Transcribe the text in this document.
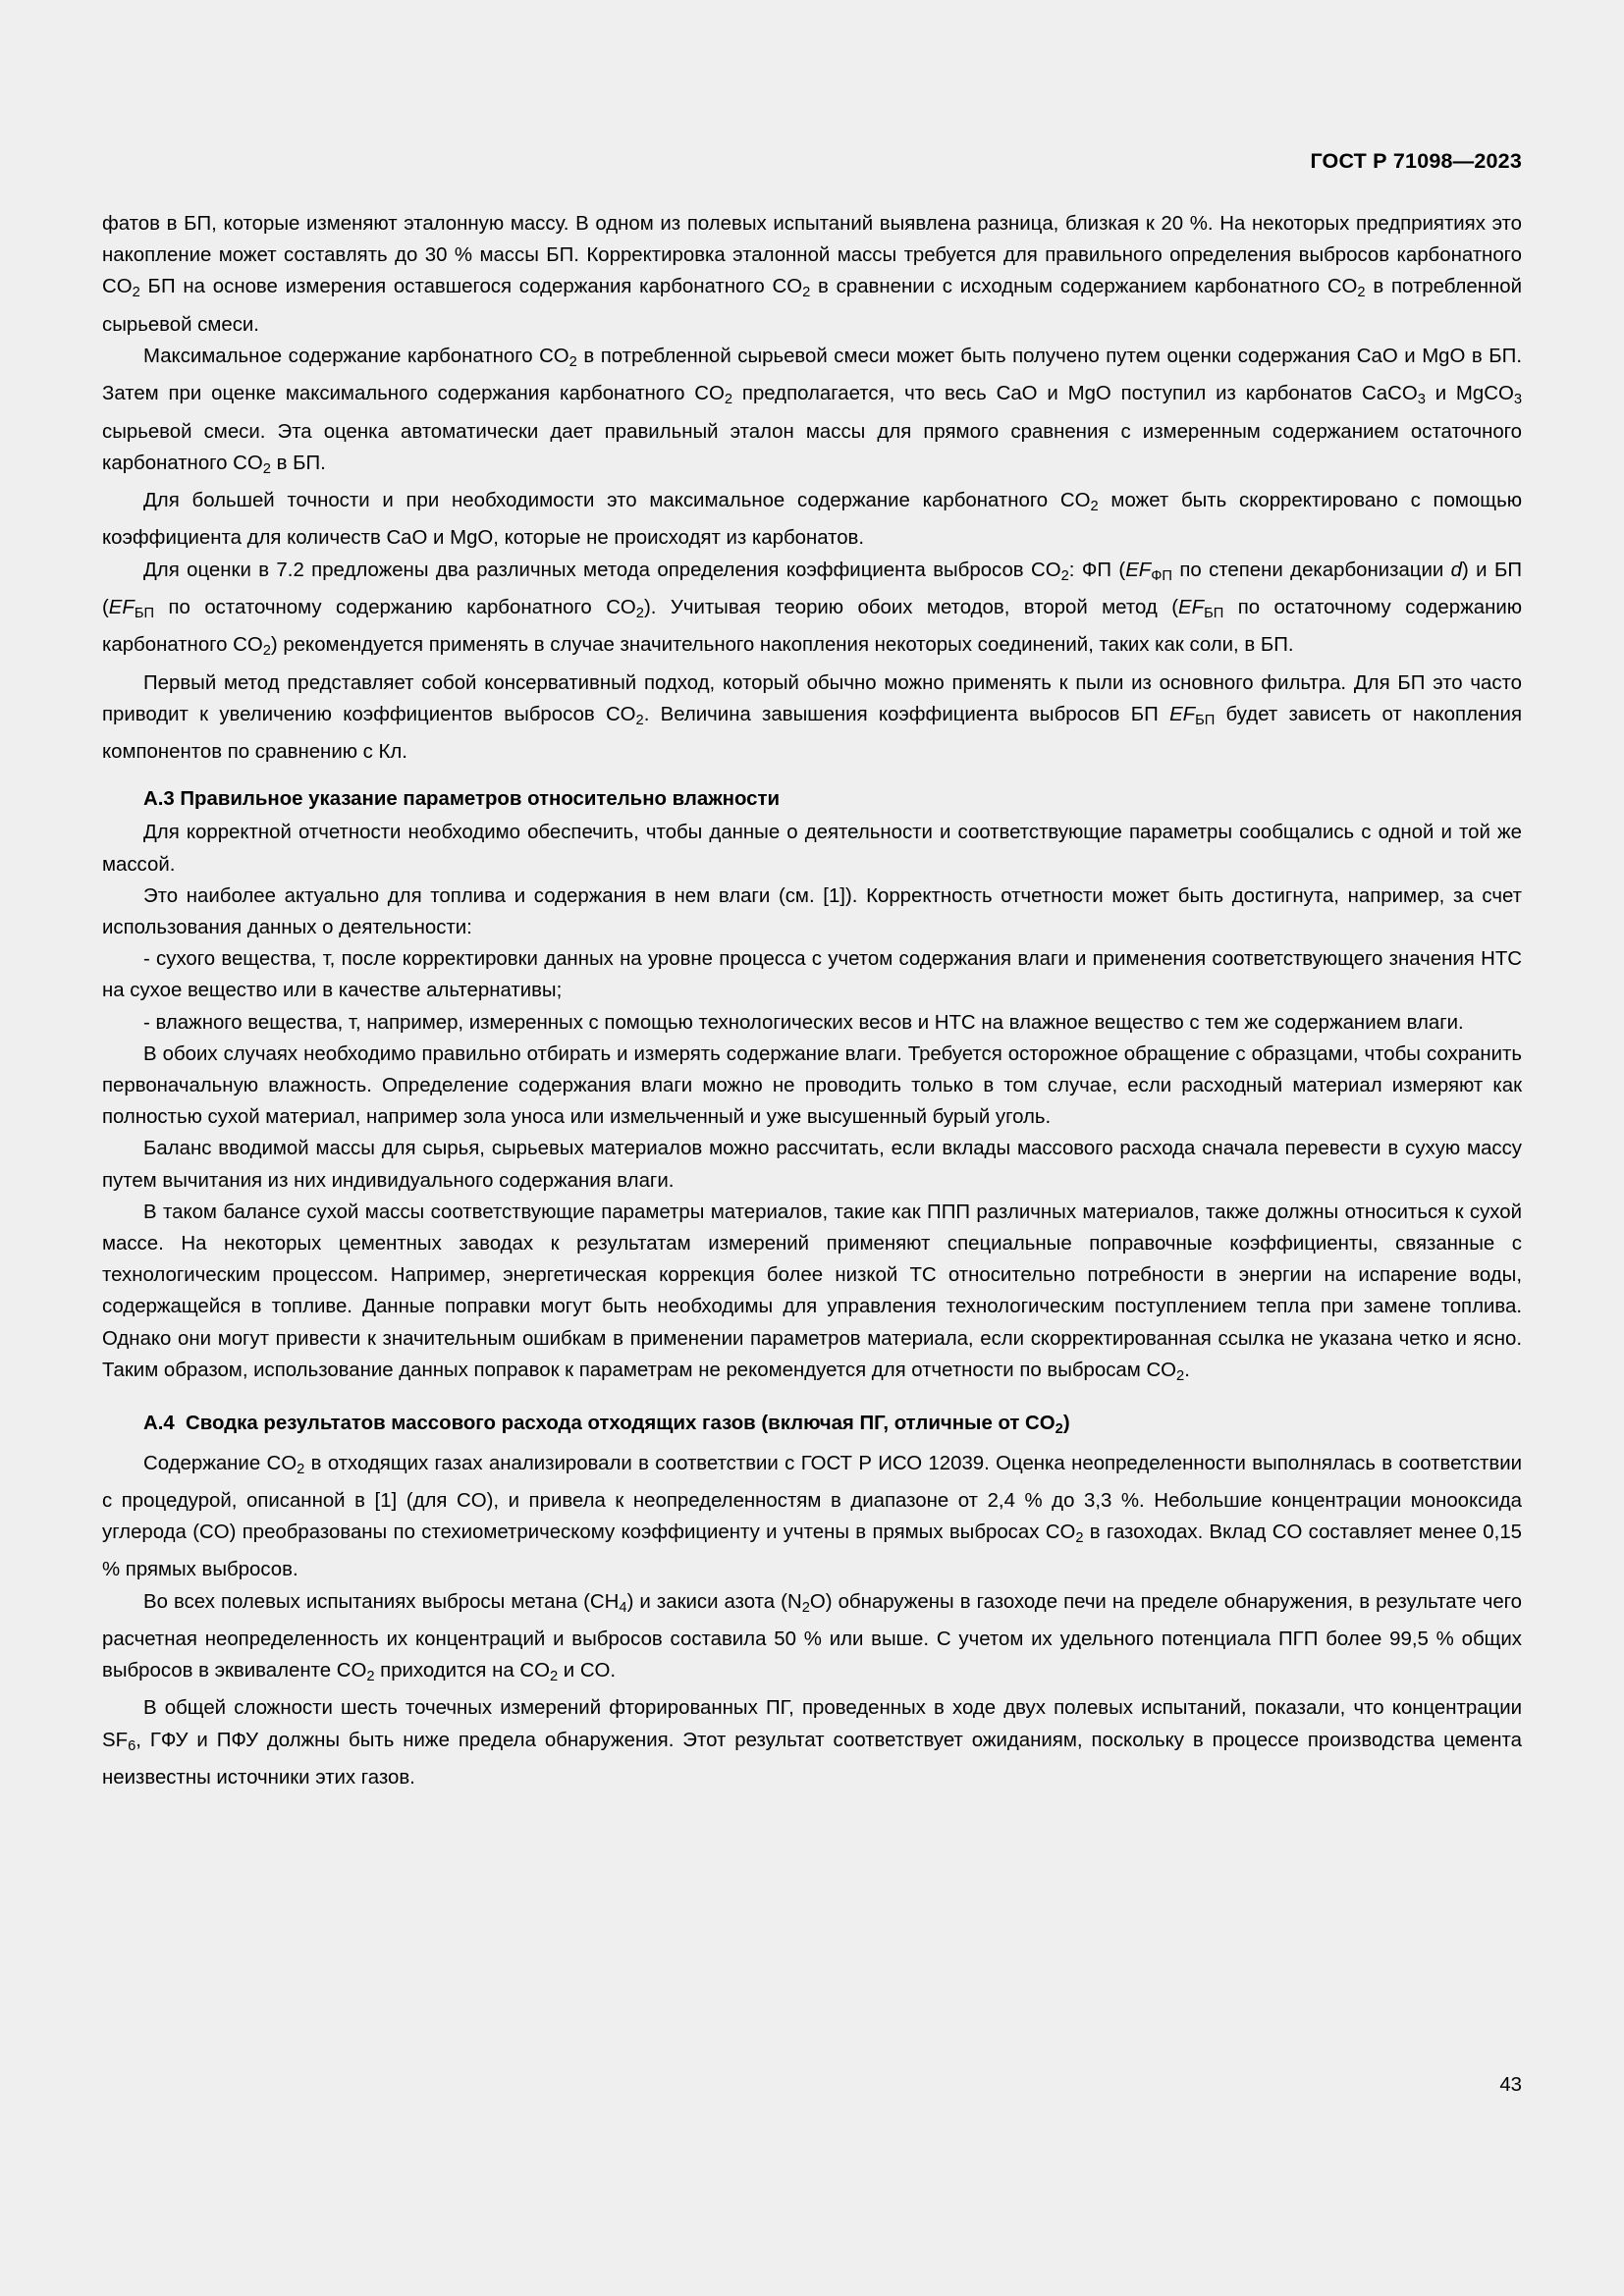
ГОСТ Р 71098—2023

фатов в БП, которые изменяют эталонную массу. В одном из полевых испытаний выявлена разница, близкая к 20 %. На некоторых предприятиях это накопление может составлять до 30 % массы БП. Корректировка эталонной массы требуется для правильного определения выбросов карбонатного $CO_2$ БП на основе измерения оставшегося содержания карбонатного $CO_2$ в сравнении с исходным содержанием карбонатного $CO_2$ в потребленной сырьевой смеси.

Максимальное содержание карбонатного $CO_2$ в потребленной сырьевой смеси может быть получено путем оценки содержания CaO и MgO в БП. Затем при оценке максимального содержания карбонатного $CO_2$ предполагается, что весь CaO и MgO поступил из карбонатов CaCO$_3$ и MgCO$_3$ сырьевой смеси. Эта оценка автоматически дает правильный эталон массы для прямого сравнения с измеренным содержанием остаточного карбонатного $CO_2$ в БП.

Для большей точности и при необходимости это максимальное содержание карбонатного $CO_2$ может быть скорректировано с помощью коэффициента для количеств CaO и MgO, которые не происходят из карбонатов.

Для оценки в 7.2 предложены два различных метода определения коэффициента выбросов $CO_2$: ФП ($EF_{ФП}$ по степени декарбонизации d) и БП ($EF_{БП}$ по остаточному содержанию карбонатного $CO_2$). Учитывая теорию обоих методов, второй метод ($EF_{БП}$ по остаточному содержанию карбонатного $CO_2$) рекомендуется применять в случае значительного накопления некоторых соединений, таких как соли, в БП.

Первый метод представляет собой консервативный подход, который обычно можно применять к пыли из основного фильтра. Для БП это часто приводит к увеличению коэффициентов выбросов $CO_2$. Величина завышения коэффициента выбросов БП $EF_{БП}$ будет зависеть от накопления компонентов по сравнению с Кл.

А.3 Правильное указание параметров относительно влажности

Для корректной отчетности необходимо обеспечить, чтобы данные о деятельности и соответствующие параметры сообщались с одной и той же массой.

Это наиболее актуально для топлива и содержания в нем влаги (см. [1]). Корректность отчетности может быть достигнута, например, за счет использования данных о деятельности:

- сухого вещества, т, после корректировки данных на уровне процесса с учетом содержания влаги и применения соответствующего значения НТС на сухое вещество или в качестве альтернативы;

- влажного вещества, т, например, измеренных с помощью технологических весов и НТС на влажное вещество с тем же содержанием влаги.

В обоих случаях необходимо правильно отбирать и измерять содержание влаги. Требуется осторожное обращение с образцами, чтобы сохранить первоначальную влажность. Определение содержания влаги можно не проводить только в том случае, если расходный материал измеряют как полностью сухой материал, например зола уноса или измельченный и уже высушенный бурый уголь.

Баланс вводимой массы для сырья, сырьевых материалов можно рассчитать, если вклады массового расхода сначала перевести в сухую массу путем вычитания из них индивидуального содержания влаги.

В таком балансе сухой массы соответствующие параметры материалов, такие как ППП различных материалов, также должны относиться к сухой массе. На некоторых цементных заводах к результатам измерений применяют специальные поправочные коэффициенты, связанные с технологическим процессом. Например, энергетическая коррекция более низкой ТС относительно потребности в энергии на испарение воды, содержащейся в топливе. Данные поправки могут быть необходимы для управления технологическим поступлением тепла при замене топлива. Однако они могут привести к значительным ошибкам в применении параметров материала, если скорректированная ссылка не указана четко и ясно. Таким образом, использование данных поправок к параметрам не рекомендуется для отчетности по выбросам $CO_2$.

А.4  Сводка результатов массового расхода отходящих газов (включая ПГ, отличные от $CO_2$)

Содержание $CO_2$ в отходящих газах анализировали в соответствии с ГОСТ Р ИСО 12039. Оценка неопределенности выполнялась в соответствии с процедурой, описанной в [1] (для CO), и привела к неопределенностям в диапазоне от 2,4 % до 3,3 %. Небольшие концентрации монооксида углерода (CO) преобразованы по стехиометрическому коэффициенту и учтены в прямых выбросах $CO_2$ в газоходах. Вклад CO составляет менее 0,15 % прямых выбросов.

Во всех полевых испытаниях выбросы метана $(CH_4)$ и закиси азота $(N_2O)$ обнаружены в газоходе печи на пределе обнаружения, в результате чего расчетная неопределенность их концентраций и выбросов составила 50 % или выше. С учетом их удельного потенциала ПГП более 99,5 % общих выбросов в эквиваленте $CO_2$ приходится на $CO_2$ и CO.

В общей сложности шесть точечных измерений фторированных ПГ, проведенных в ходе двух полевых испытаний, показали, что концентрации $SF_6$, ГФУ и ПФУ должны быть ниже предела обнаружения. Этот результат соответствует ожиданиям, поскольку в процессе производства цемента неизвестны источники этих газов.

43
